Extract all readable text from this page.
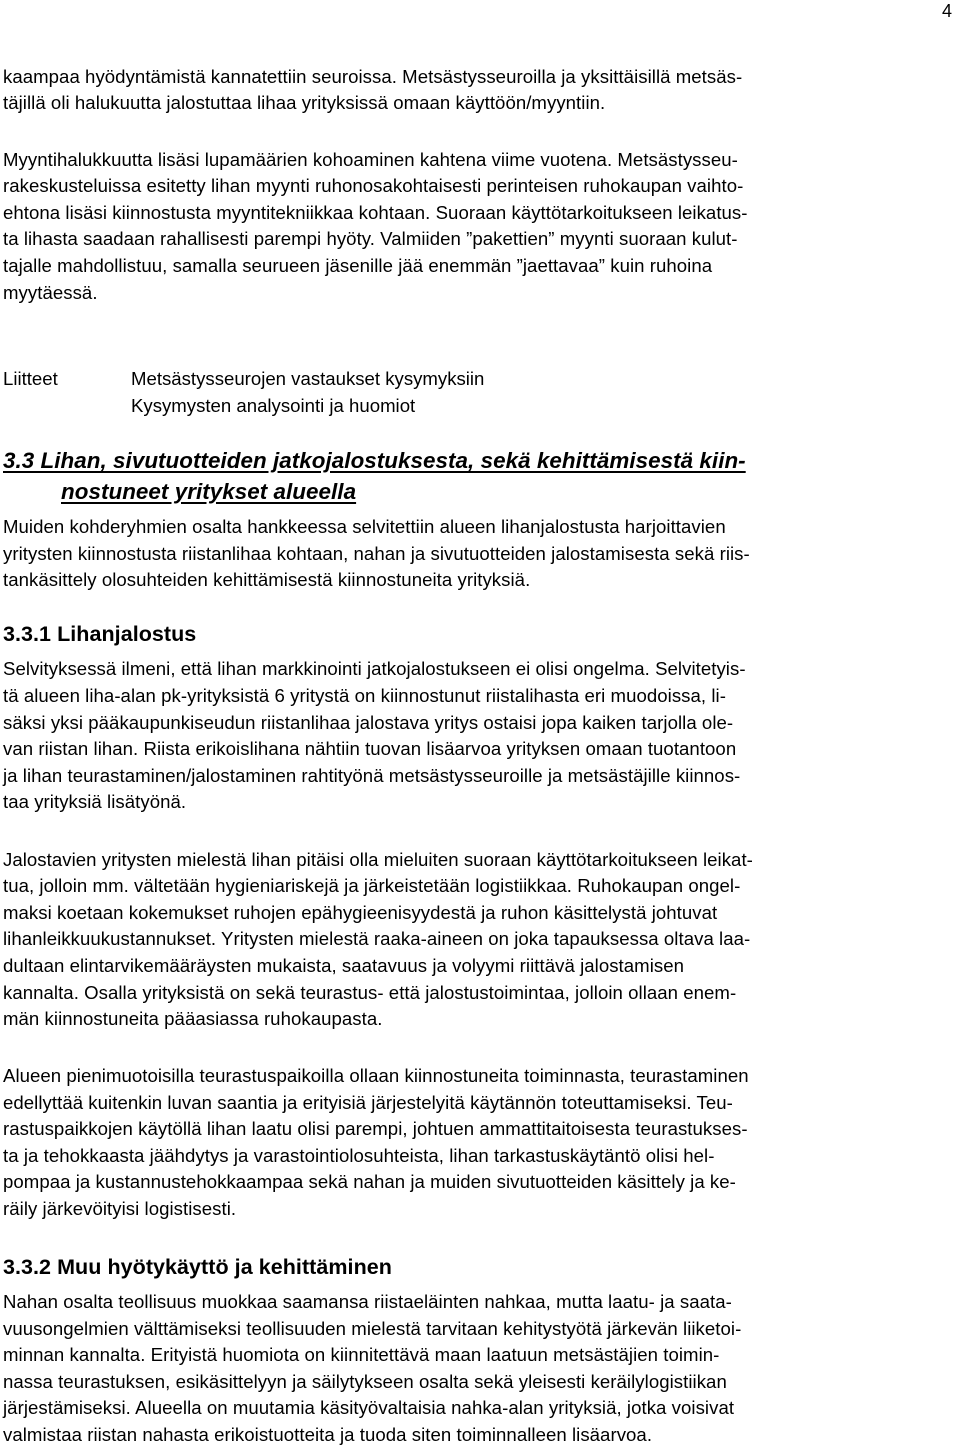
4
kaampaa hyödyntämistä kannatettiin seuroissa. Metsästysseuroilla ja yksittäisillä metsäs-
täjillä oli halukuutta jalostuttaa lihaa yrityksissä omaan käyttöön/myyntiin.
Myyntihalukkuutta lisäsi lupamäärien kohoaminen kahtena viime vuotena. Metsästysseu-
rakeskusteluissa esitetty lihan myynti ruhonosakohtaisesti perinteisen ruhokaupan vaihto-
ehtona lisäsi kiinnostusta myyntitekniikkaa kohtaan. Suoraan käyttötarkoitukseen leikatus-
ta lihasta saadaan rahallisesti parempi hyöty. Valmiiden ”pakettien” myynti suoraan kulut-
tajalle mahdollistuu, samalla seurueen jäsenille jää enemmän ”jaettavaa” kuin ruhoina
myytäessä.
Liitteet	Metsästysseurojen vastaukset kysymyksiin
Kysymysten analysointi ja huomiot
3.3 Lihan, sivutuotteiden jatkojalostuksesta, sekä kehittämisestä kiin-
nostuneet yritykset alueella
Muiden kohderyhmien osalta hankkeessa selvitettiin alueen lihanjalostusta harjoittavien
yritysten kiinnostusta riistanlihaa kohtaan, nahan ja sivutuotteiden jalostamisesta sekä riis-
tankäsittely olosuhteiden kehittämisestä kiinnostuneita yrityksiä.
3.3.1 Lihanjalostus
Selvityksessä ilmeni, että lihan markkinointi jatkojalostukseen ei olisi ongelma. Selvitetyis-
tä alueen liha-alan pk-yrityksistä 6 yritystä on kiinnostunut riistalihasta eri muodoissa, li-
säksi yksi pääkaupunkiseudun riistanlihaa jalostava yritys ostaisi jopa kaiken tarjolla ole-
van riistan lihan. Riista erikoislihana nähtiin tuovan lisäarvoa yrityksen omaan tuotantoon
ja lihan teurastaminen/jalostaminen rahtityönä metsästysseuroille ja metsästäjille kiinnos-
taa yrityksiä lisätyönä.
Jalostavien yritysten mielestä lihan pitäisi olla mieluiten suoraan käyttötarkoitukseen leikat-
tua, jolloin mm. vältetään hygieniariskejä ja järkeistetään logistiikkaa. Ruhokaupan ongel-
maksi koetaan kokemukset ruhojen epähygieenisyydestä ja ruhon käsittelystä johtuvat
lihanleikkuukustannukset. Yritysten mielestä raaka-aineen on joka tapauksessa oltava laa-
dultaan elintarvikemääräysten mukaista, saatavuus ja volyymi riittävä jalostamisen
kannalta. Osalla yrityksistä on sekä teurastus- että jalostustoimintaa, jolloin ollaan enem-
män kiinnostuneita pääasiassa ruhokaupasta.
Alueen pienimuotoisilla teurastuspaikoilla ollaan kiinnostuneita toiminnasta, teurastaminen
edellyttää kuitenkin luvan saantia ja erityisiä järjestelyitä käytännön toteuttamiseksi. Teu-
rastuspaikkojen käytöllä lihan laatu olisi parempi, johtuen ammattitaitoisesta teurastukses-
ta ja tehokkaasta jäähdytys ja varastointiolosuhteista, lihan tarkastuskäytäntö olisi hel-
pompaa ja kustannustehokkaampaa sekä nahan ja muiden sivutuotteiden käsittely ja ke-
räily järkevöityisi logistisesti.
3.3.2 Muu hyötykäyttö ja kehittäminen
Nahan osalta teollisuus muokkaa saamansa riistaeläinten nahkaa, mutta laatu- ja saata-
vuusongelmien välttämiseksi teollisuuden mielestä tarvitaan kehitystyötä järkevän liiketoi-
minnan kannalta. Erityistä huomiota on kiinnitettävä maan laatuun metsästäjien toimin-
nassa teurastuksen, esikäsittelyyn ja säilytykseen osalta sekä yleisesti keräilylogistiikan
järjestämiseksi. Alueella on muutamia käsityövaltaisia nahka-alan yrityksiä, jotka voisivat
valmistaa riistan nahasta erikoistuotteita ja tuoda siten toiminnalleen lisäarvoa.
